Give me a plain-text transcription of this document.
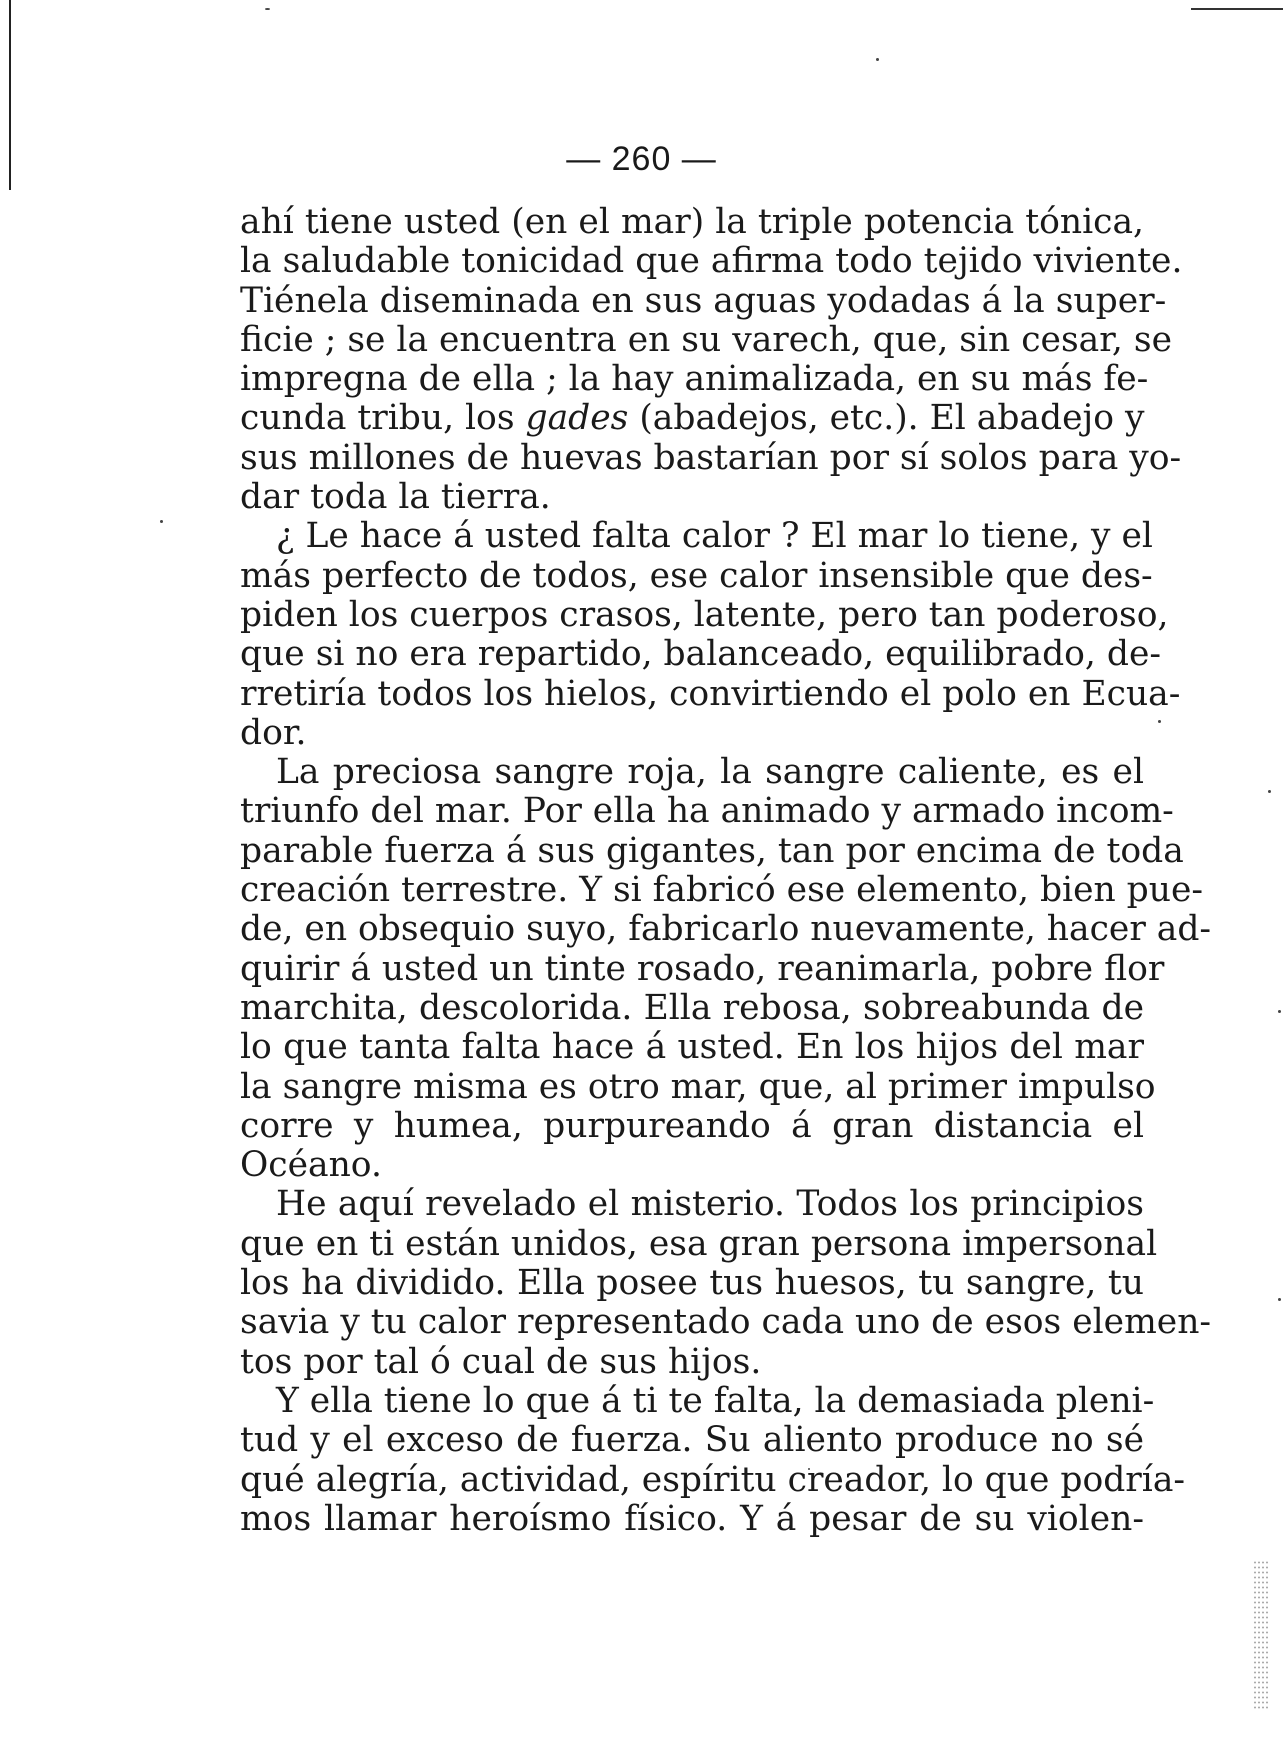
— 260 —
ahí tiene usted (en el mar) la triple potencia tónica,
la saludable tonicidad que afirma todo tejido viviente.
Tiénela diseminada en sus aguas yodadas á la super-
ficie ; se la encuentra en su varech, que, sin cesar, se
impregna de ella ; la hay animalizada, en su más fe-
cunda tribu, los gades (abadejos, etc.). El abadejo y
sus millones de huevas bastarían por sí solos para yo-
dar toda la tierra.
¿ Le hace á usted falta calor ? El mar lo tiene, y el
más perfecto de todos, ese calor insensible que des-
piden los cuerpos crasos, latente, pero tan poderoso,
que si no era repartido, balanceado, equilibrado, de-
rretiría todos los hielos, convirtiendo el polo en Ecua-
dor.
La preciosa sangre roja, la sangre caliente, es el
triunfo del mar. Por ella ha animado y armado incom-
parable fuerza á sus gigantes, tan por encima de toda
creación terrestre. Y si fabricó ese elemento, bien pue-
de, en obsequio suyo, fabricarlo nuevamente, hacer ad-
quirir á usted un tinte rosado, reanimarla, pobre flor
marchita, descolorida. Ella rebosa, sobreabunda de
lo que tanta falta hace á usted. En los hijos del mar
la sangre misma es otro mar, que, al primer impulso
corre y humea, purpureando á gran distancia el
Océano.
He aquí revelado el misterio. Todos los principios
que en ti están unidos, esa gran persona impersonal
los ha dividido. Ella posee tus huesos, tu sangre, tu
savia y tu calor representado cada uno de esos elemen-
tos por tal ó cual de sus hijos.
Y ella tiene lo que á ti te falta, la demasiada pleni-
tud y el exceso de fuerza. Su aliento produce no sé
qué alegría, actividad, espíritu creador, lo que podría-
mos llamar heroísmo físico. Y á pesar de su violen-
